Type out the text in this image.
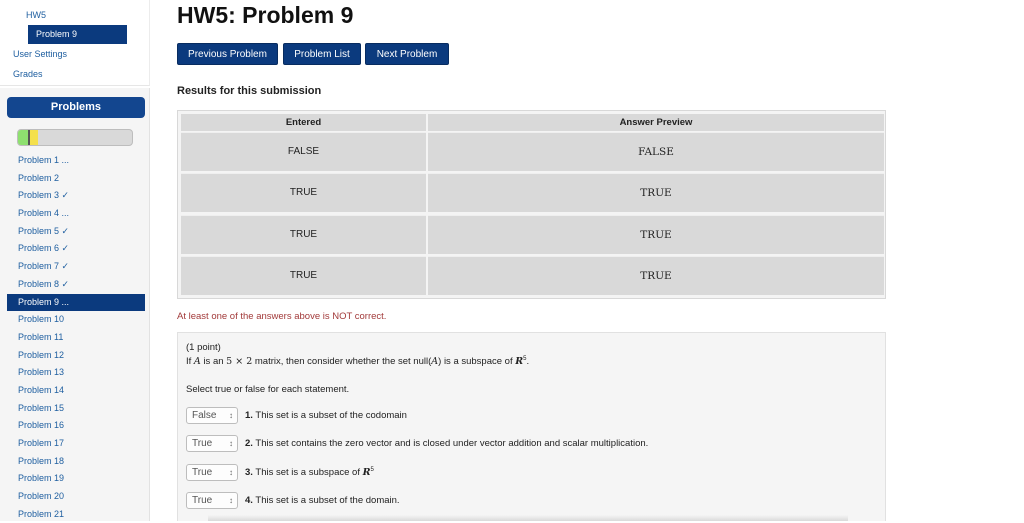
HW5
Problem 9
User Settings
Grades
Problems
Problem 1 ...
Problem 2
Problem 3 ✓
Problem 4 ...
Problem 5 ✓
Problem 6 ✓
Problem 7 ✓
Problem 8 ✓
Problem 9 ...
Problem 10
Problem 11
Problem 12
Problem 13
Problem 14
Problem 15
Problem 16
Problem 17
Problem 18
Problem 19
Problem 20
Problem 21
HW5: Problem 9
Previous Problem	Problem List	Next Problem
Results for this submission
Entered	Answer Preview
FALSE	FALSE
TRUE	TRUE
TRUE	TRUE
TRUE	TRUE
At least one of the answers above is NOT correct.
(1 point)
If A is an 5 × 2 matrix, then consider whether the set null(A) is a subspace of $R^5$.
Select true or false for each statement.
False ↕ 1. This set is a subset of the codomain
True ↕ 2. This set contains the zero vector and is closed under vector addition and scalar multiplication.
True ↕ 3. This set is a subspace of $R^5$
True ↕ 4. This set is a subset of the domain.
